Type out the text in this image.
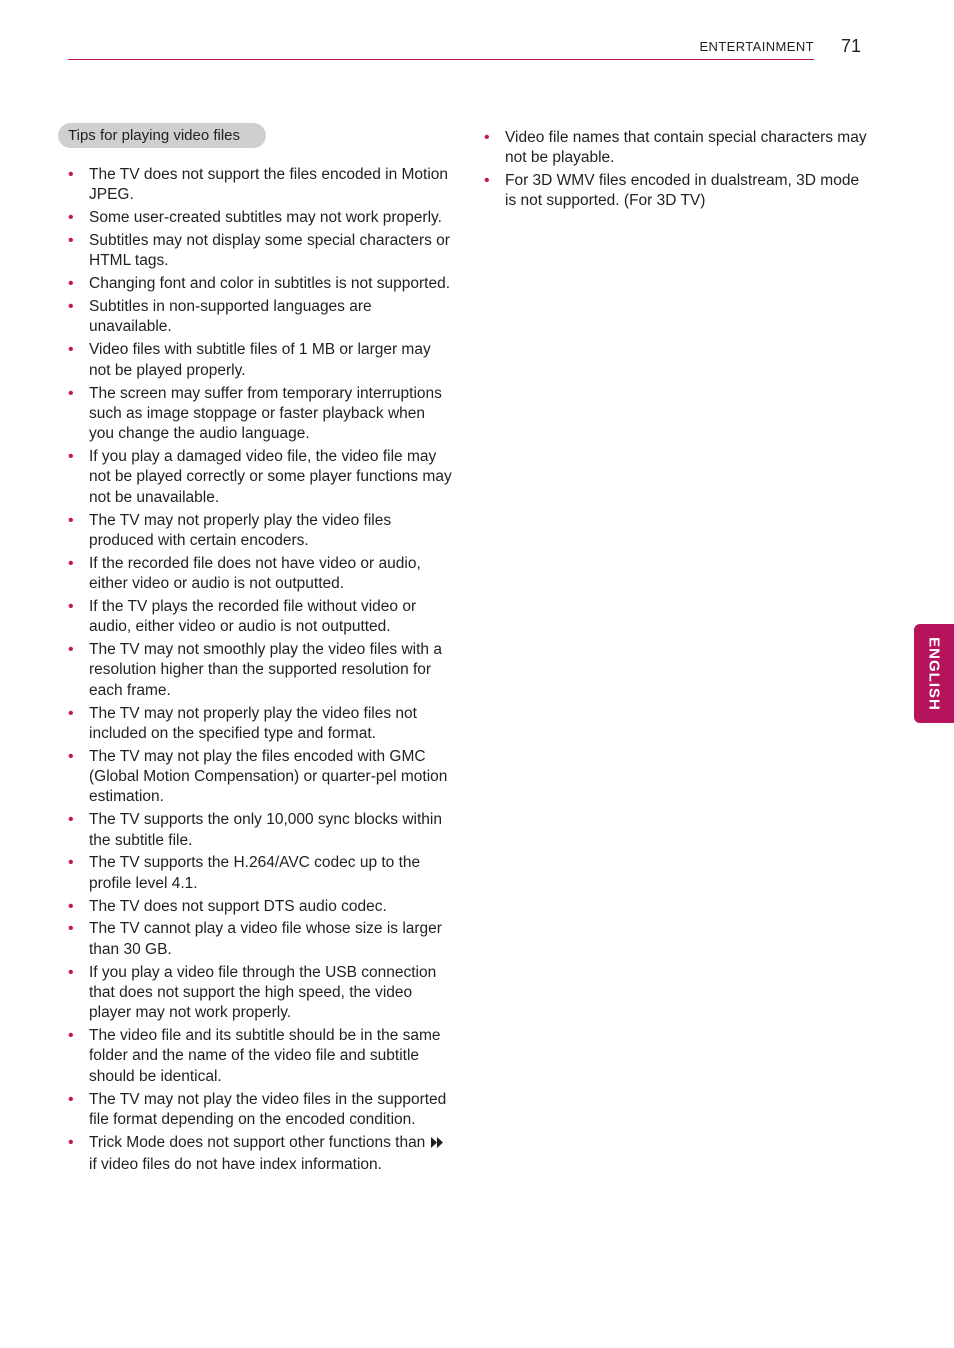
ENTERTAINMENT 71
Tips for playing video files
• The TV does not support the files encoded in Motion JPEG.
• Some user-created subtitles may not work properly.
• Subtitles may not display some special characters or HTML tags.
• Changing font and color in subtitles is not supported.
• Subtitles in non-supported languages are unavailable.
• Video files with subtitle files of 1 MB or larger may not be played properly.
• The screen may suffer from temporary interruptions such as image stoppage or faster playback when you change the audio language.
• If you play a damaged video file, the video file may not be played correctly or some player functions may not be unavailable.
• The TV may not properly play the video files produced with certain encoders.
• If the recorded file does not have video or audio, either video or audio is not outputted.
• If the TV plays the recorded file without video or audio, either video or audio is not outputted.
• The TV may not smoothly play the video files with a resolution higher than the supported resolution for each frame.
• The TV may not properly play the video files not included on the specified type and format.
• The TV may not play the files encoded with GMC (Global Motion Compensation) or quarter-pel motion estimation.
• The TV supports the only 10,000 sync blocks within the subtitle file.
• The TV supports the H.264/AVC codec up to the profile level 4.1.
• The TV does not support DTS audio codec.
• The TV cannot play a video file whose size is larger than 30 GB.
• If you play a video file through the USB connection that does not support the high speed, the video player may not work properly.
• The video file and its subtitle should be in the same folder and the name of the video file and subtitle should be identical.
• The TV may not play the video files in the supported file format depending on the encoded condition.
• Trick Mode does not support other functions than  if video files do not have index information.
• Video file names that contain special characters may not be playable.
• For 3D WMV files encoded in dualstream, 3D mode is not supported. (For 3D TV)
ENGLISH
